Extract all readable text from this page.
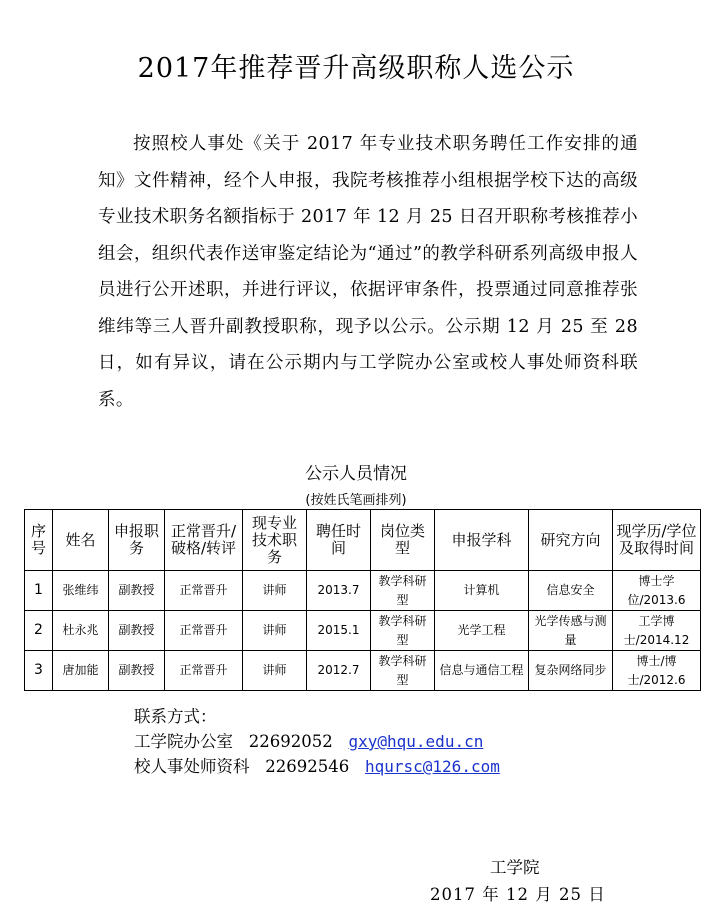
2017年推荐晋升高级职称人选公示
按照校人事处《关于 2017 年专业技术职务聘任工作安排的通知》文件精神，经个人申报，我院考核推荐小组根据学校下达的高级专业技术职务名额指标于 2017 年 12 月 25 日召开职称考核推荐小组会，组织代表作送审鉴定结论为“通过”的教学科研系列高级申报人员进行公开述职，并进行评议，依据评审条件，投票通过同意推荐张维纬等三人晋升副教授职称，现予以公示。公示期 12 月 25 至 28 日，如有异议，请在公示期内与工学院办公室或校人事处师资科联系。
公示人员情况
(按姓氏笔画排列)
序号	姓名	申报职务	正常晋升/破格/转评	现专业技术职务	聘任时间	岗位类型	申报学科	研究方向	现学历/学位及取得时间
1	张维纬	副教授	正常晋升	讲师	2013.7	教学科研型	计算机	信息安全	博士学位/2013.6
2	杜永兆	副教授	正常晋升	讲师	2015.1	教学科研型	光学工程	光学传感与测量	工学博士/2014.12
3	唐加能	副教授	正常晋升	讲师	2012.7	教学科研型	信息与通信工程	复杂网络同步	博士/博士/2012.6
联系方式：
工学院办公室 22692052 gxy@hqu.edu.cn
校人事处师资科 22692546 hqursc@126.com
工学院
2017 年 12 月 25 日
